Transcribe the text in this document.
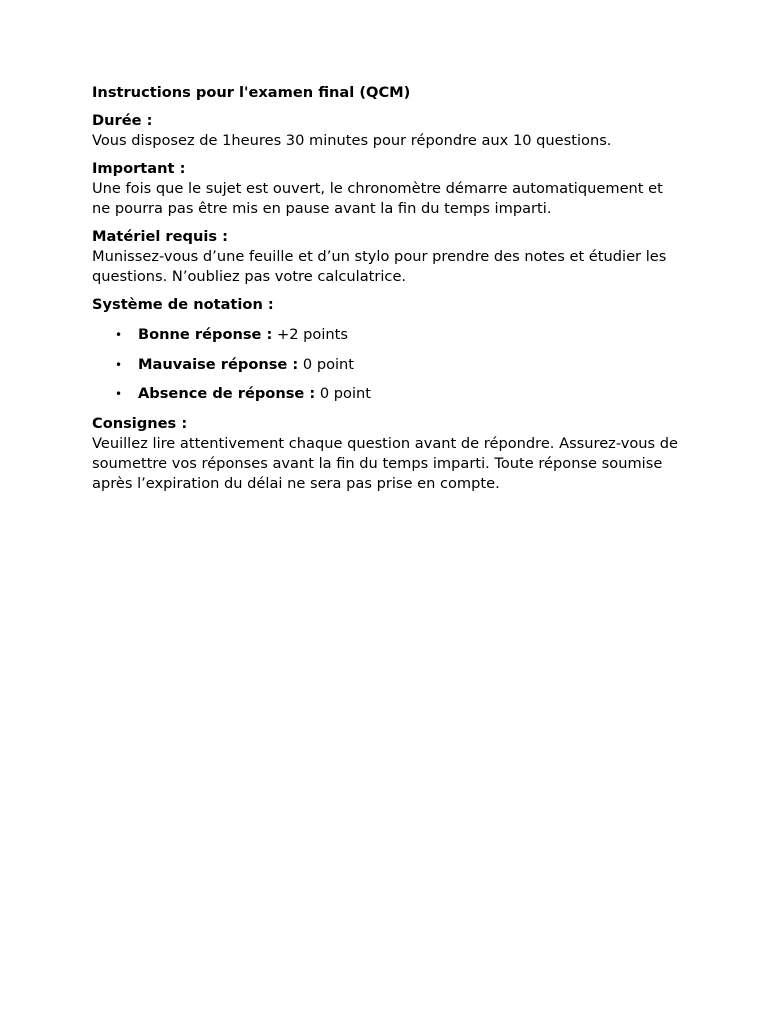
Instructions pour l'examen final (QCM)
Durée :
Vous disposez de 1heures 30 minutes pour répondre aux 10 questions.
Important :
Une fois que le sujet est ouvert, le chronomètre démarre automatiquement et ne pourra pas être mis en pause avant la fin du temps imparti.
Matériel requis :
Munissez-vous d’une feuille et d’un stylo pour prendre des notes et étudier les questions. N’oubliez pas votre calculatrice.
Système de notation :
• Bonne réponse : +2 points
• Mauvaise réponse : 0 point
• Absence de réponse : 0 point
Consignes :
Veuillez lire attentivement chaque question avant de répondre. Assurez-vous de soumettre vos réponses avant la fin du temps imparti. Toute réponse soumise après l’expiration du délai ne sera pas prise en compte.
